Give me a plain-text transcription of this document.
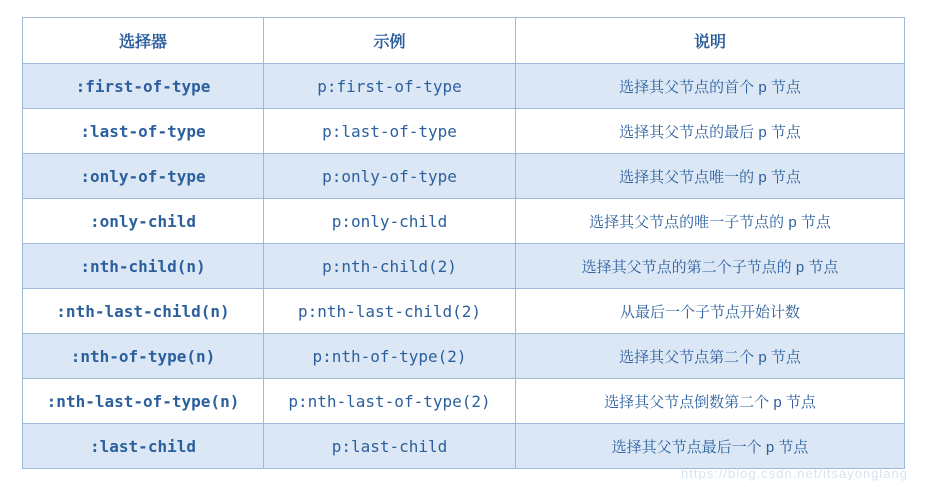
选择器	示例	说明
:first-of-type	p:first-of-type	选择其父节点的首个 p 节点
:last-of-type	p:last-of-type	选择其父节点的最后 p 节点
:only-of-type	p:only-of-type	选择其父节点唯一的 p 节点
:only-child	p:only-child	选择其父节点的唯一子节点的 p 节点
:nth-child(n)	p:nth-child(2)	选择其父节点的第二个子节点的 p 节点
:nth-last-child(n)	p:nth-last-child(2)	从最后一个子节点开始计数
:nth-of-type(n)	p:nth-of-type(2)	选择其父节点第二个 p 节点
:nth-last-of-type(n)	p:nth-last-of-type(2)	选择其父节点倒数第二个 p 节点
:last-child	p:last-child	选择其父节点最后一个 p 节点
https://blog.csdn.net/itsayonglang
